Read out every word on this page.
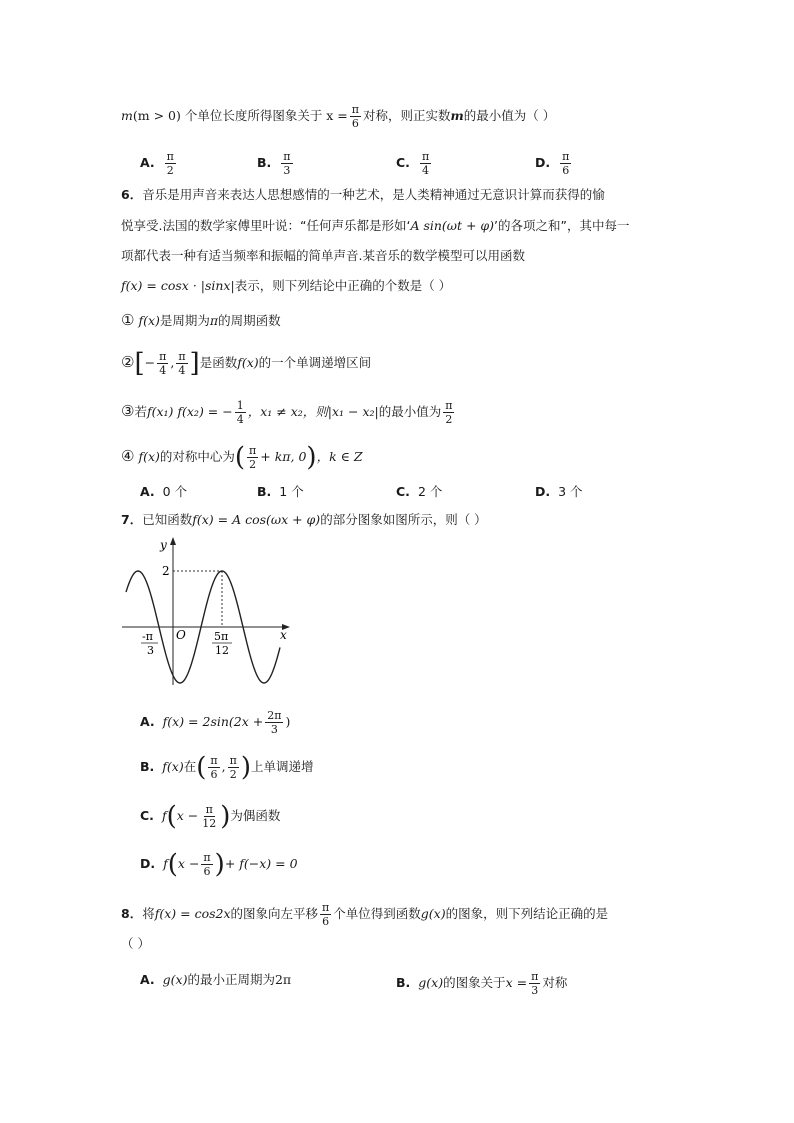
m(m > 0) 个单位长度所得图象关于 $x = \frac{\pi}{6}$ 对称，则正实数m的最小值为（ ）
A. $\frac{\pi}{2}$	B. $\frac{\pi}{3}$	C. $\frac{\pi}{4}$	D. $\frac{\pi}{6}$
6．音乐是用声音来表达人思想感情的一种艺术，是人类精神通过无意识计算而获得的愉
悦享受.法国的数学家傅里叶说：“任何声乐都是形如‘A sin(ωt + φ)’的各项之和”，其中每一
项都代表一种有适当频率和振幅的简单声音.某音乐的数学模型可以用函数
f(x) = cosx · |sinx|表示，则下列结论中正确的个数是（ ）
① f(x)是周期为π的周期函数
②[− $\frac{\pi}{4}$ , $\frac{\pi}{4}$ ]是函数f(x)的一个单调递增区间
③若f(x₁) f(x₂) = − $\frac{1}{4}$ ，x₁ ≠ x₂，则|x₁ − x₂|的最小值为 $\frac{\pi}{2}$
④ f(x)的对称中心为( $\frac{\pi}{2} + k\pi$, 0)，k ∈ Z
A. 0 个	B. 1 个	C. 2 个	D. 3 个
7．已知函数f(x) = A cos(ωx + φ)的部分图象如图所示，则（ ）
y
x
O
2
-π
3
5π
12
A. $f(x) = 2\sin(2x + \frac{2\pi}{3}$ )
B. f(x)在( $\frac{\pi}{6}$ , $\frac{\pi}{2}$ )上单调递增
C. $f(x - \frac{\pi}{12}$ )为偶函数
D. $f(x - \frac{\pi}{6}$ )+ f(−x) = 0
8．将f(x) = cos2x的图象向左平移 $\frac{\pi}{6}$ 个单位得到函数g(x)的图象，则下列结论正确的是
（ ）
A. g(x)的最小正周期为2π	B. g(x)的图象关于$x = \frac{\pi}{3}$ 对称
